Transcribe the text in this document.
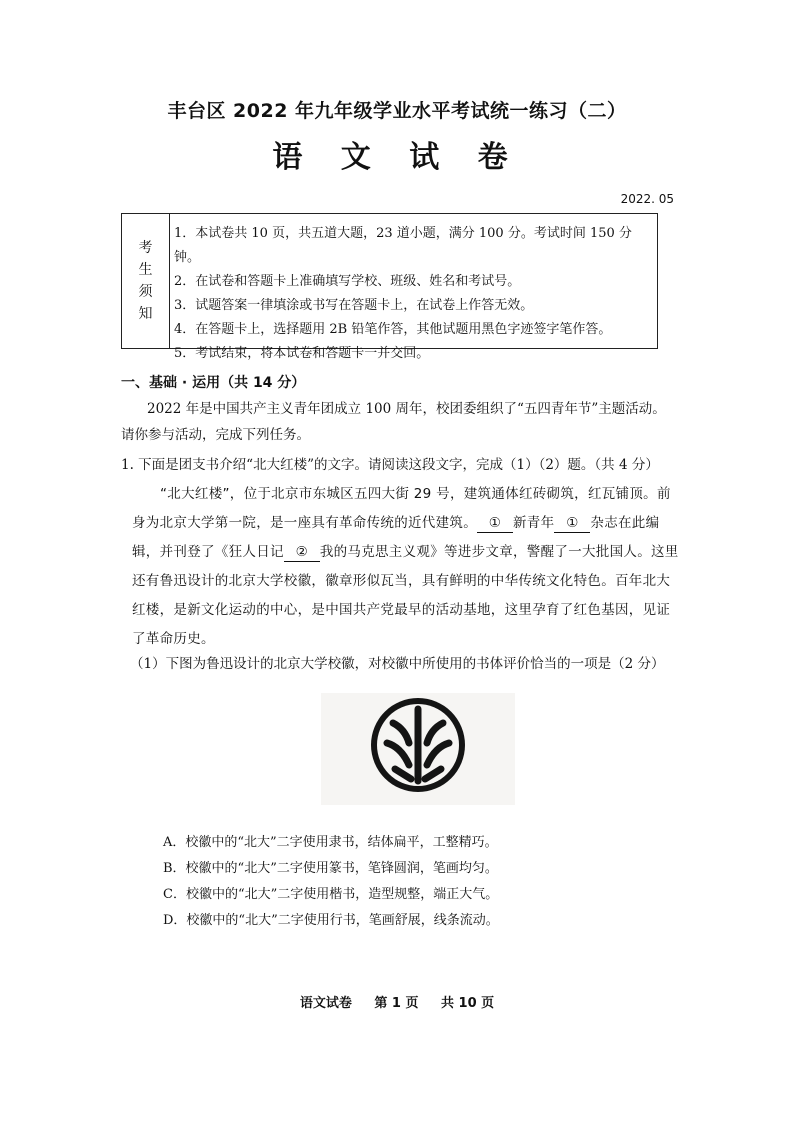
丰台区 2022 年九年级学业水平考试统一练习（二）
语 文 试 卷
2022. 05
考
生
须
知
1．本试卷共 10 页，共五道大题，23 道小题，满分 100 分。考试时间 150 分钟。
2．在试卷和答题卡上准确填写学校、班级、姓名和考试号。
3．试题答案一律填涂或书写在答题卡上，在试卷上作答无效。
4．在答题卡上，选择题用 2B 铅笔作答，其他试题用黑色字迹签字笔作答。
5．考试结束，将本试卷和答题卡一并交回。
一、基础 · 运用（共 14 分）
2022 年是中国共产主义青年团成立 100 周年，校团委组织了“五四青年节”主题活动。请你参与活动，完成下列任务。
1. 下面是团支书介绍“北大红楼”的文字。请阅读这段文字，完成（1）（2）题。（共 4 分）
“北大红楼”，位于北京市东城区五四大街 29 号，建筑通体红砖砌筑，红瓦铺顶。前身为北京大学第一院，是一座具有革命传统的近代建筑。 ① 新青年 ① 杂志在此编辑，并刊登了《狂人日记 ② 我的马克思主义观》等进步文章，警醒了一大批国人。这里还有鲁迅设计的北京大学校徽，徽章形似瓦当，具有鲜明的中华传统文化特色。百年北大红楼，是新文化运动的中心，是中国共产党最早的活动基地，这里孕育了红色基因，见证了革命历史。
（1）下图为鲁迅设计的北京大学校徽，对校徽中所使用的书体评价恰当的一项是（2 分）
A．校徽中的“北大”二字使用隶书，结体扁平，工整精巧。
B．校徽中的“北大”二字使用篆书，笔锋圆润，笔画均匀。
C．校徽中的“北大”二字使用楷书，造型规整，端正大气。
D．校徽中的“北大”二字使用行书，笔画舒展，线条流动。
语文试卷 第 1 页 共 10 页
